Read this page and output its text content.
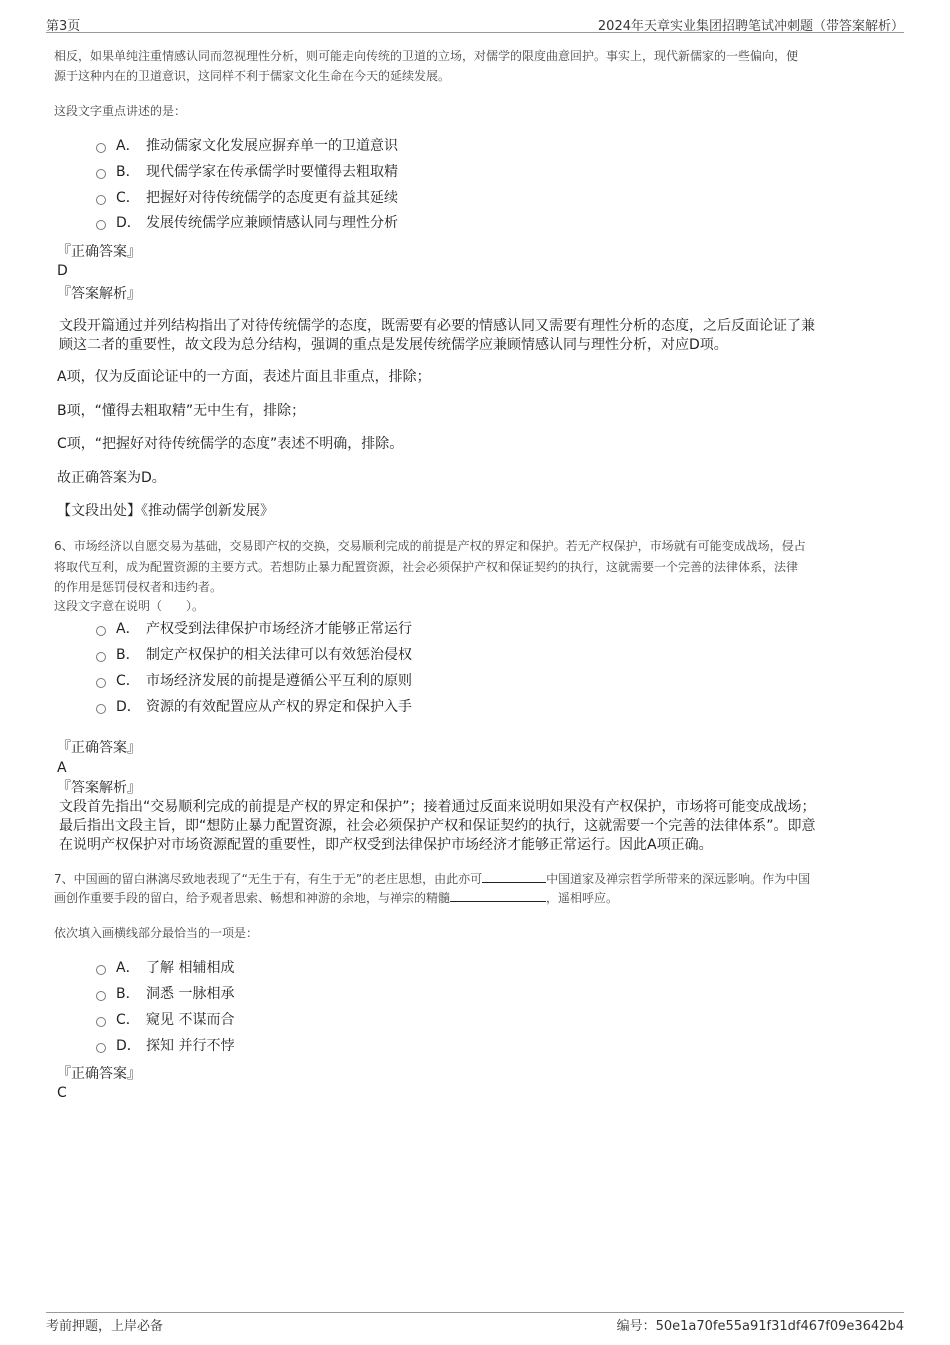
第3页	2024年天章实业集团招聘笔试冲刺题（带答案解析）
相反，如果单纯注重情感认同而忽视理性分析，则可能走向传统的卫道的立场，对儒学的限度曲意回护。事实上，现代新儒家的一些偏向，便
源于这种内在的卫道意识，这同样不利于儒家文化生命在今天的延续发展。
这段文字重点讲述的是：
A． 推动儒家文化发展应摒弃单一的卫道意识
B． 现代儒学家在传承儒学时要懂得去粗取精
C． 把握好对待传统儒学的态度更有益其延续
D． 发展传统儒学应兼顾情感认同与理性分析
『正确答案』
D
『答案解析』
文段开篇通过并列结构指出了对待传统儒学的态度，既需要有必要的情感认同又需要有理性分析的态度，之后反面论证了兼
顾这二者的重要性，故文段为总分结构，强调的重点是发展传统儒学应兼顾情感认同与理性分析，对应D项。
A项，仅为反面论证中的一方面，表述片面且非重点，排除；
B项，“懂得去粗取精”无中生有，排除；
C项，“把握好对待传统儒学的态度”表述不明确，排除。
故正确答案为D。
【文段出处】《推动儒学创新发展》
6、市场经济以自愿交易为基础，交易即产权的交换，交易顺利完成的前提是产权的界定和保护。若无产权保护，市场就有可能变成战场，侵占
将取代互利，成为配置资源的主要方式。若想防止暴力配置资源，社会必须保护产权和保证契约的执行，这就需要一个完善的法律体系，法律
的作用是惩罚侵权者和违约者。
这段文字意在说明（　　）。
A． 产权受到法律保护市场经济才能够正常运行
B． 制定产权保护的相关法律可以有效惩治侵权
C． 市场经济发展的前提是遵循公平互利的原则
D． 资源的有效配置应从产权的界定和保护入手
『正确答案』
A
『答案解析』
文段首先指出“交易顺利完成的前提是产权的界定和保护”；接着通过反面来说明如果没有产权保护，市场将可能变成战场；
最后指出文段主旨，即“想防止暴力配置资源，社会必须保护产权和保证契约的执行，这就需要一个完善的法律体系”。即意
在说明产权保护对市场资源配置的重要性，即产权受到法律保护市场经济才能够正常运行。因此A项正确。
7、中国画的留白淋漓尽致地表现了“无生于有，有生于无”的老庄思想，由此亦可	中国道家及禅宗哲学所带来的深远影响。作为中国
画创作重要手段的留白，给予观者思索、畅想和神游的余地，与禅宗的精髓	，遥相呼应。
依次填入画横线部分最恰当的一项是：
A． 了解 相辅相成
B． 洞悉 一脉相承
C． 窥见 不谋而合
D． 探知 并行不悖
『正确答案』
C
考前押题，上岸必备	编号：50e1a70fe55a91f31df467f09e3642b4
